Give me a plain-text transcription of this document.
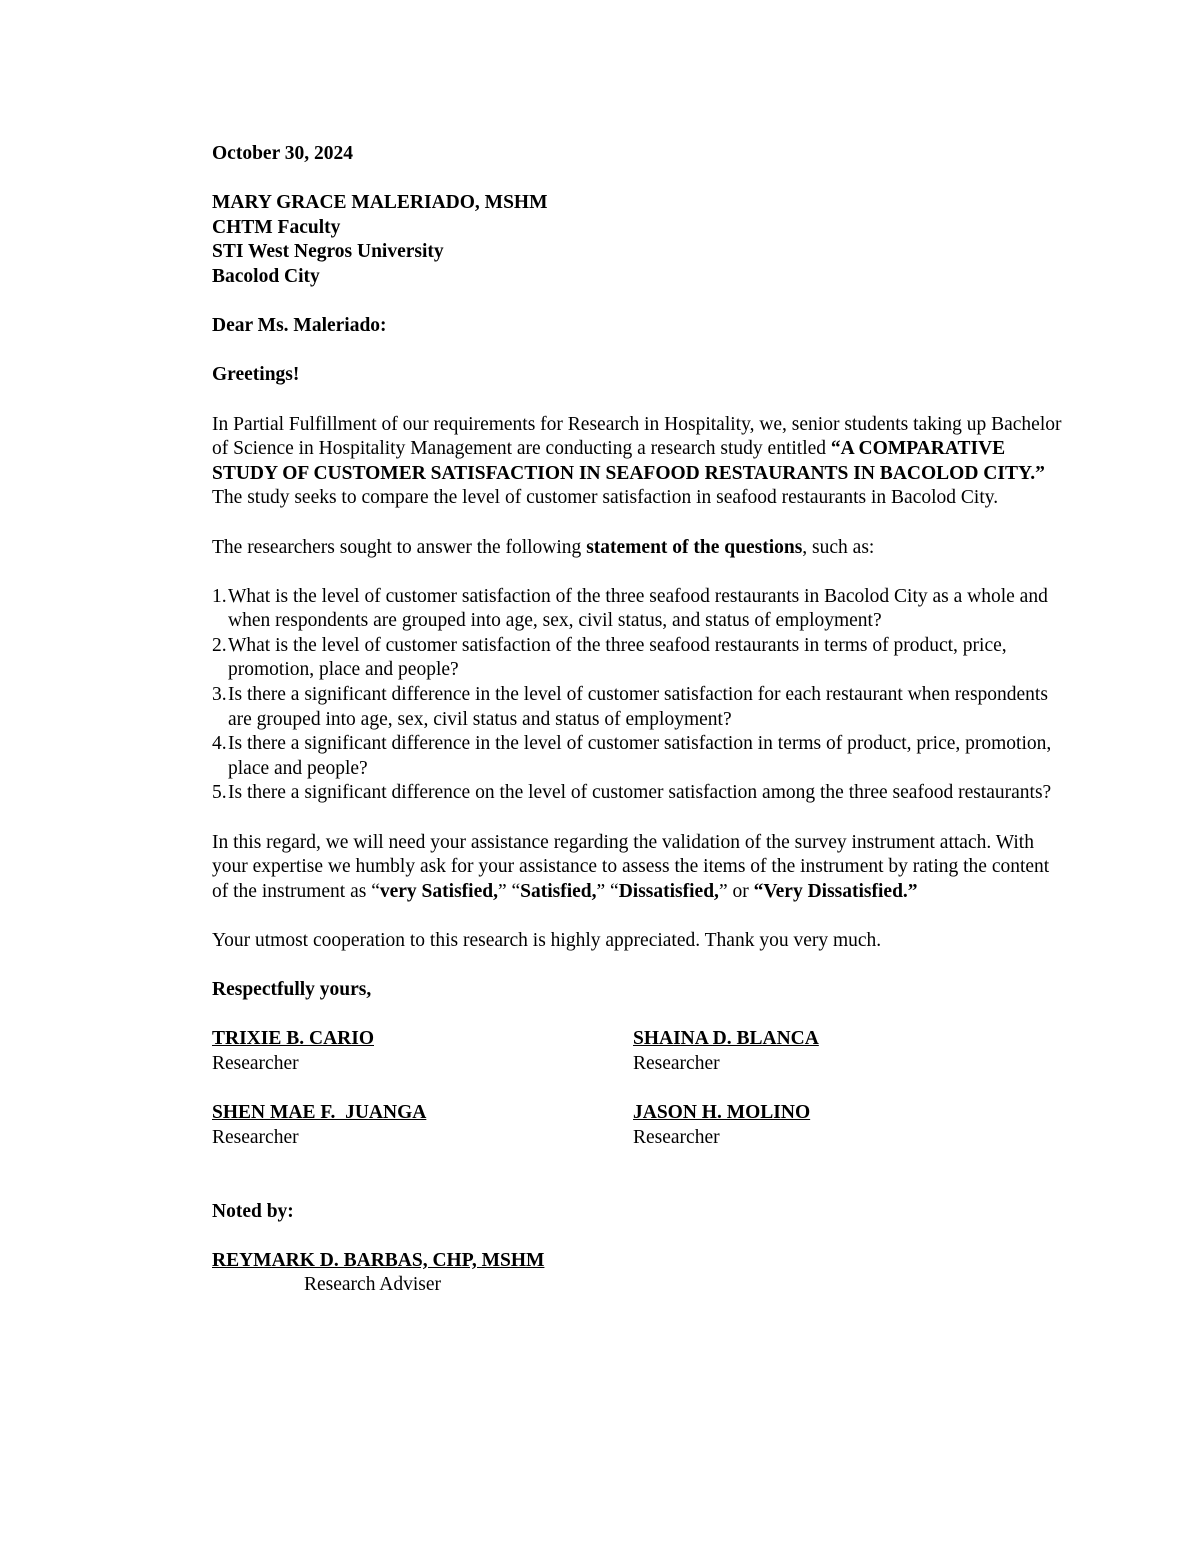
October 30, 2024

MARY GRACE MALERIADO, MSHM

CHTM Faculty

STI West Negros University

Bacolod City

Dear Ms. Maleriado:

Greetings!

In Partial Fulfillment of our requirements for Research in Hospitality, we, senior students taking up Bachelor of Science in Hospitality Management are conducting a research study entitled “A COMPARATIVE STUDY OF CUSTOMER SATISFACTION IN SEAFOOD RESTAURANTS IN BACOLOD CITY.” The study seeks to compare the level of customer satisfaction in seafood restaurants in Bacolod City.

The researchers sought to answer the following statement of the questions, such as:

1. What is the level of customer satisfaction of the three seafood restaurants in Bacolod City as a whole and when respondents are grouped into age, sex, civil status, and status of employment?
2. What is the level of customer satisfaction of the three seafood restaurants in terms of product, price, promotion, place and people?
3. Is there a significant difference in the level of customer satisfaction for each restaurant when respondents are grouped into age, sex, civil status and status of employment?
4. Is there a significant difference in the level of customer satisfaction in terms of product, price, promotion, place and people?
5. Is there a significant difference on the level of customer satisfaction among the three seafood restaurants?

In this regard, we will need your assistance regarding the validation of the survey instrument attach. With your expertise we humbly ask for your assistance to assess the items of the instrument by rating the content of the instrument as “very Satisfied,” “Satisfied,” “Dissatisfied,” or “Very Dissatisfied.”

Your utmost cooperation to this research is highly appreciated. Thank you very much.

Respectfully yours,

TRIXIE B. CARIO

Researcher

SHAINA D. BLANCA

Researcher

SHEN MAE F.  JUANGA

Researcher

JASON H. MOLINO

Researcher

Noted by:

REYMARK D. BARBAS, CHP, MSHM

Research Adviser
